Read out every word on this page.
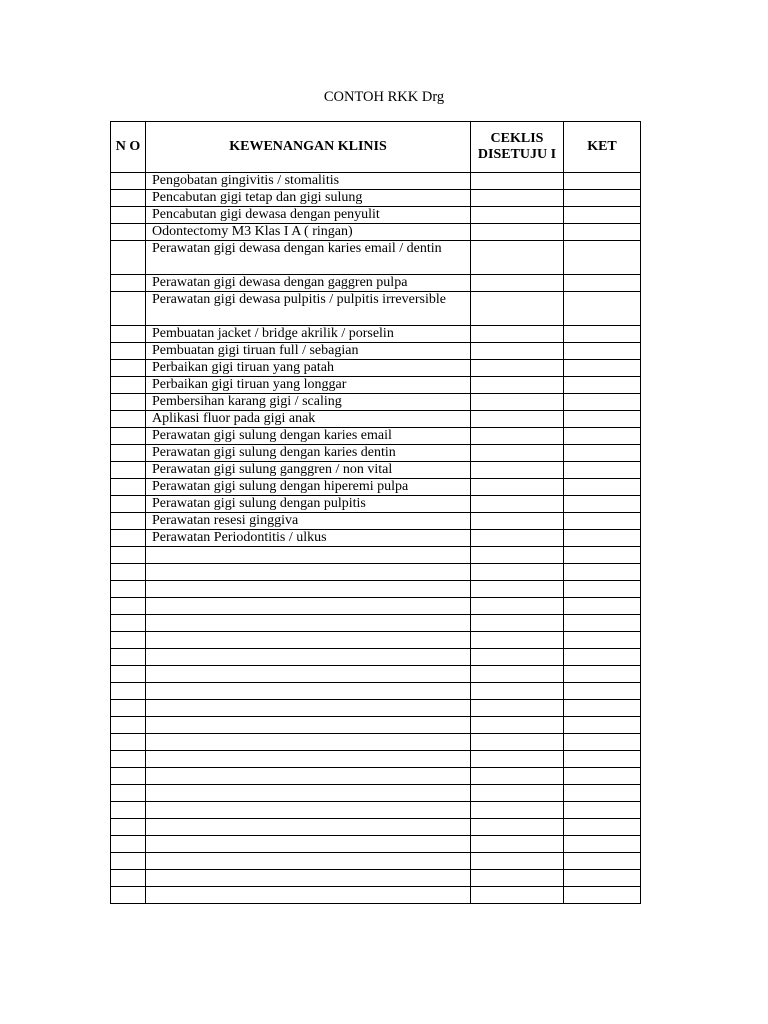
CONTOH RKK Drg
N O	KEWENANGAN KLINIS	CEKLIS DISETUJU I	KET
	Pengobatan gingivitis / stomalitis		
	Pencabutan gigi tetap dan gigi sulung		
	Pencabutan gigi dewasa dengan penyulit		
	Odontectomy M3 Klas I A ( ringan)		
	Perawatan gigi dewasa dengan karies email / dentin		
	Perawatan gigi dewasa dengan gaggren pulpa		
	Perawatan gigi dewasa pulpitis / pulpitis irreversible		
	Pembuatan jacket / bridge akrilik / porselin		
	Pembuatan gigi tiruan full / sebagian		
	Perbaikan gigi tiruan yang patah		
	Perbaikan gigi tiruan yang longgar		
	Pembersihan karang gigi / scaling		
	Aplikasi fluor pada gigi anak		
	Perawatan gigi sulung dengan karies email		
	Perawatan gigi sulung dengan karies dentin		
	Perawatan gigi sulung ganggren / non vital		
	Perawatan gigi sulung dengan hiperemi pulpa		
	Perawatan gigi sulung dengan pulpitis		
	Perawatan resesi ginggiva		
	Perawatan Periodontitis / ulkus		
